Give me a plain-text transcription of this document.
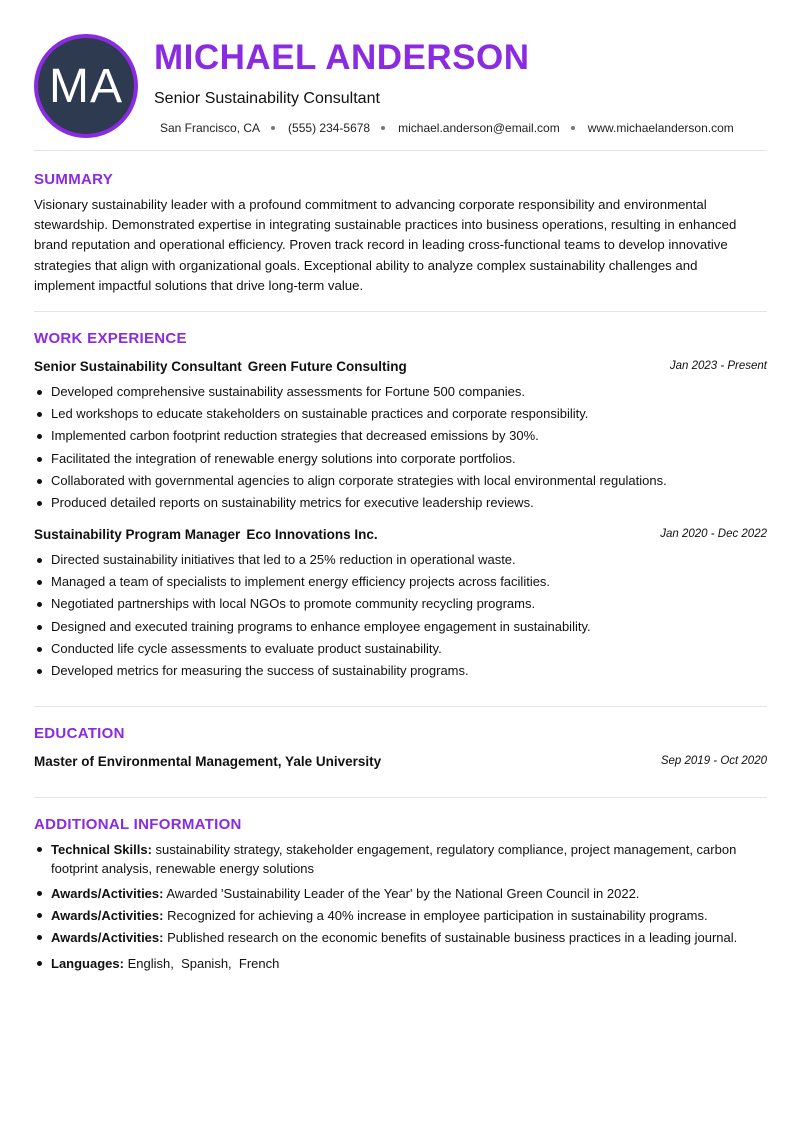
MA
MICHAEL ANDERSON
Senior Sustainability Consultant
San Francisco, CA (555) 234-5678 michael.anderson@email.com www.michaelanderson.com
SUMMARY
Visionary sustainability leader with a profound commitment to advancing corporate responsibility and environmental stewardship. Demonstrated expertise in integrating sustainable practices into business operations, resulting in enhanced brand reputation and operational efficiency. Proven track record in leading cross-functional teams to develop innovative strategies that align with organizational goals. Exceptional ability to analyze complex sustainability challenges and implement impactful solutions that drive long-term value.
WORK EXPERIENCE
Senior Sustainability Consultant Green Future Consulting	Jan 2023 - Present
Developed comprehensive sustainability assessments for Fortune 500 companies.
Led workshops to educate stakeholders on sustainable practices and corporate responsibility.
Implemented carbon footprint reduction strategies that decreased emissions by 30%.
Facilitated the integration of renewable energy solutions into corporate portfolios.
Collaborated with governmental agencies to align corporate strategies with local environmental regulations.
Produced detailed reports on sustainability metrics for executive leadership reviews.
Sustainability Program Manager Eco Innovations Inc.	Jan 2020 - Dec 2022
Directed sustainability initiatives that led to a 25% reduction in operational waste.
Managed a team of specialists to implement energy efficiency projects across facilities.
Negotiated partnerships with local NGOs to promote community recycling programs.
Designed and executed training programs to enhance employee engagement in sustainability.
Conducted life cycle assessments to evaluate product sustainability.
Developed metrics for measuring the success of sustainability programs.
EDUCATION
Master of Environmental Management, Yale University	Sep 2019 - Oct 2020
ADDITIONAL INFORMATION
Technical Skills: sustainability strategy, stakeholder engagement, regulatory compliance, project management, carbon footprint analysis, renewable energy solutions
Awards/Activities: Awarded 'Sustainability Leader of the Year' by the National Green Council in 2022.
Awards/Activities: Recognized for achieving a 40% increase in employee participation in sustainability programs.
Awards/Activities: Published research on the economic benefits of sustainable business practices in a leading journal.
Languages: English,  Spanish,  French
